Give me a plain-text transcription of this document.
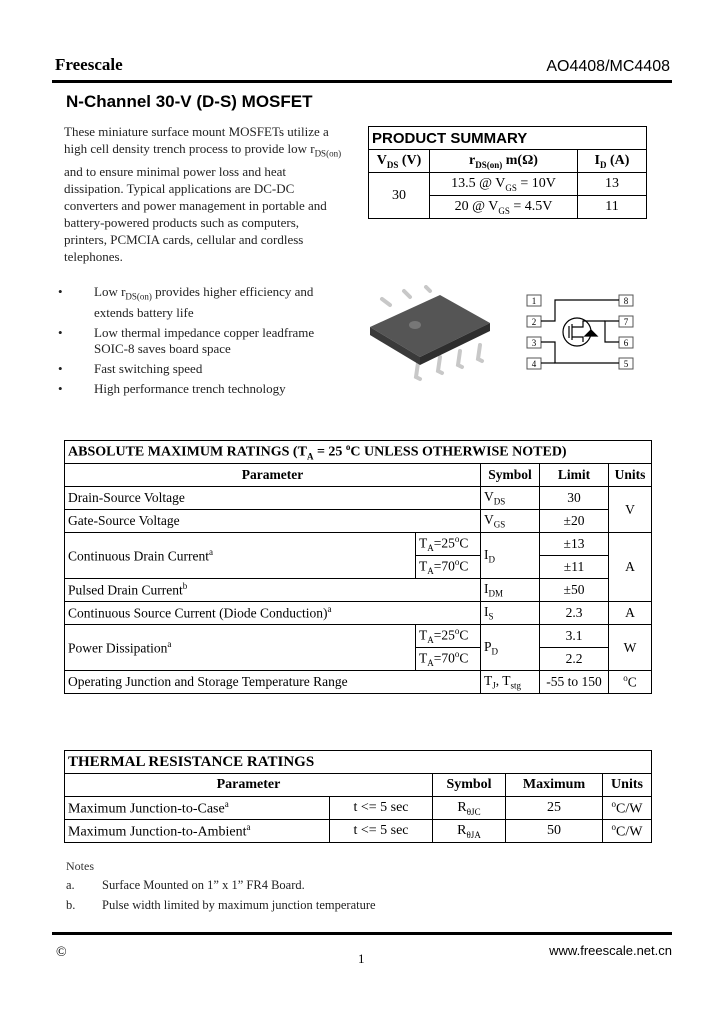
Freescale	AO4408/MC4408
N-Channel 30-V (D-S) MOSFET
These miniature surface mount MOSFETs utilize a high cell density trench process to provide low $r_{DS(on)}$ and to ensure minimal power loss and heat dissipation. Typical applications are DC-DC converters and power management in portable and battery-powered products such as computers, printers, PCMCIA cards, cellular and cordless telephones.
• Low $r_{DS(on)}$ provides higher efficiency and extends battery life
• Low thermal impedance copper leadframe SOIC-8 saves board space
• Fast switching speed
• High performance trench technology
PRODUCT SUMMARY		
$V_{DS}$ (V)	$r_{DS(on)}$ m(Ω)	$I_D$ (A)
30	13.5 @ $V_{GS} = 10V$	13
	20 @ $V_{GS} = 4.5V$	11
1
2
3
4
8
7
6
5
ABSOLUTE MAXIMUM RATINGS ($T_A = 25$ $^o$C UNLESS OTHERWISE NOTED)				
Parameter		Symbol	Limit	Units
Drain-Source Voltage		$V_{DS}$	30	V
Gate-Source Voltage		$V_{GS}$	±20	
Continuous Drain Current$^a$	$T_A=25^oC$	$I_D$	±13	A
	$T_A=70^oC$		±11	
Pulsed Drain Current$^b$		$I_{DM}$	±50	
Continuous Source Current (Diode Conduction)$^a$		$I_S$	2.3	A
Power Dissipation$^a$	$T_A=25^oC$	$P_D$	3.1	W
	$T_A=70^oC$		2.2	
Operating Junction and Storage Temperature Range		$T_J$, $T_{stg}$	-55 to 150	$^o$C
THERMAL RESISTANCE RATINGS				
Parameter		Symbol	Maximum	Units
Maximum Junction-to-Case$^a$	t <= 5 sec	$R_{\theta JC}$	25	$^o$C/W
Maximum Junction-to-Ambient$^a$	t <= 5 sec	$R_{\theta JA}$	50	$^o$C/W
Notes
a. Surface Mounted on 1” x 1” FR4 Board.
b. Pulse width limited by maximum junction temperature
©	1
www.freescale.net.cn
